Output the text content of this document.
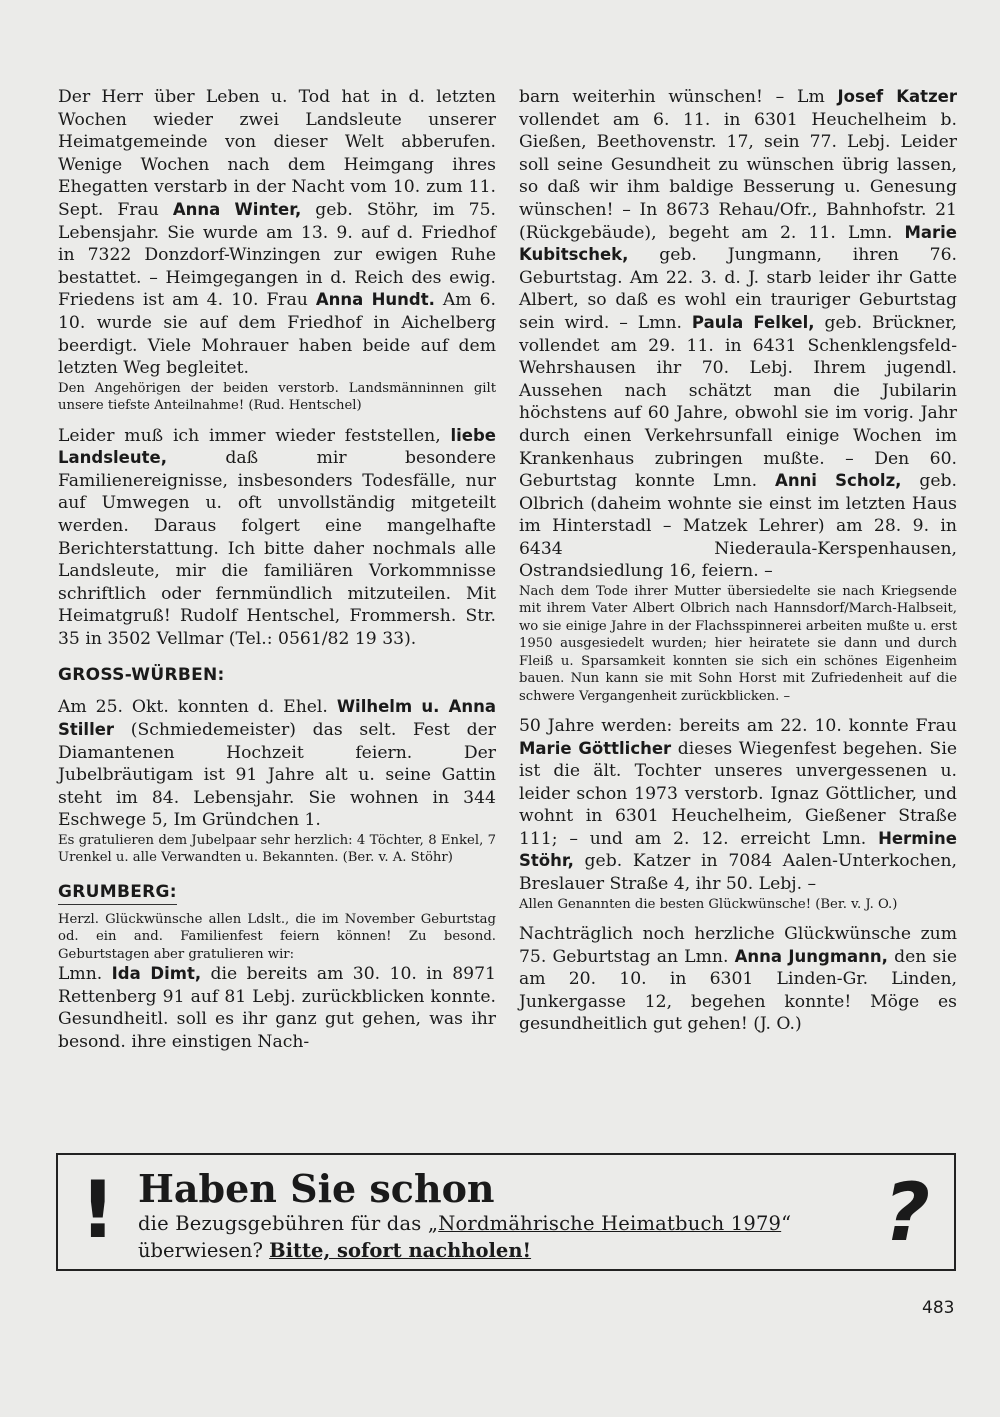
Der Herr über Leben u. Tod hat in d. letzten Wochen wieder zwei Landsleute unserer Heimatgemeinde von dieser Welt abberufen. Wenige Wochen nach dem Heimgang ihres Ehegatten verstarb in der Nacht vom 10. zum 11. Sept. Frau Anna Winter, geb. Stöhr, im 75. Lebensjahr. Sie wurde am 13. 9. auf d. Friedhof in 7322 Donzdorf-Winzingen zur ewigen Ruhe bestattet. – Heimgegangen in d. Reich des ewig. Friedens ist am 4. 10. Frau Anna Hundt. Am 6. 10. wurde sie auf dem Friedhof in Aichelberg beerdigt. Viele Mohrauer haben beide auf dem letzten Weg begleitet.

Den Angehörigen der beiden verstorb. Landsmänninnen gilt unsere tiefste Anteilnahme! (Rud. Hentschel)

Leider muß ich immer wieder feststellen, liebe Landsleute, daß mir besondere Familienereignisse, insbesonders Todesfälle, nur auf Umwegen u. oft unvollständig mitgeteilt werden. Daraus folgert eine mangelhafte Berichterstattung. Ich bitte daher nochmals alle Landsleute, mir die familiären Vorkommnisse schriftlich oder fernmündlich mitzuteilen. Mit Heimatgruß! Rudolf Hentschel, Frommersh. Str. 35 in 3502 Vellmar (Tel.: 0561/82 19 33).

GROSS-WÜRBEN:

Am 25. Okt. konnten d. Ehel. Wilhelm u. Anna Stiller (Schmiedemeister) das selt. Fest der Diamantenen Hochzeit feiern. Der Jubelbräutigam ist 91 Jahre alt u. seine Gattin steht im 84. Lebensjahr. Sie wohnen in 344 Eschwege 5, Im Gründchen 1.

Es gratulieren dem Jubelpaar sehr herzlich: 4 Töchter, 8 Enkel, 7 Urenkel u. alle Verwandten u. Bekannten. (Ber. v. A. Stöhr)

GRUMBERG:

Herzl. Glückwünsche allen Ldslt., die im November Geburtstag od. ein and. Familienfest feiern können! Zu besond. Geburtstagen aber gratulieren wir:

Lmn. Ida Dimt, die bereits am 30. 10. in 8971 Rettenberg 91 auf 81 Lebj. zurückblicken konnte. Gesundheitl. soll es ihr ganz gut gehen, was ihr besond. ihre einstigen Nach-

barn weiterhin wünschen! – Lm Josef Katzer vollendet am 6. 11. in 6301 Heuchelheim b. Gießen, Beethovenstr. 17, sein 77. Lebj. Leider soll seine Gesundheit zu wünschen übrig lassen, so daß wir ihm baldige Besserung u. Genesung wünschen! – In 8673 Rehau/Ofr., Bahnhofstr. 21 (Rückgebäude), begeht am 2. 11. Lmn. Marie Kubitschek, geb. Jungmann, ihren 76. Geburtstag. Am 22. 3. d. J. starb leider ihr Gatte Albert, so daß es wohl ein trauriger Geburtstag sein wird. – Lmn. Paula Felkel, geb. Brückner, vollendet am 29. 11. in 6431 Schenklengsfeld-Wehrshausen ihr 70. Lebj. Ihrem jugendl. Aussehen nach schätzt man die Jubilarin höchstens auf 60 Jahre, obwohl sie im vorig. Jahr durch einen Verkehrsunfall einige Wochen im Krankenhaus zubringen mußte. – Den 60. Geburtstag konnte Lmn. Anni Scholz, geb. Olbrich (daheim wohnte sie einst im letzten Haus im Hinterstadl – Matzek Lehrer) am 28. 9. in 6434 Niederaula-Kerspenhausen, Ostrandsiedlung 16, feiern. –

Nach dem Tode ihrer Mutter übersiedelte sie nach Kriegsende mit ihrem Vater Albert Olbrich nach Hannsdorf/March-Halbseit, wo sie einige Jahre in der Flachsspinnerei arbeiten mußte u. erst 1950 ausgesiedelt wurden; hier heiratete sie dann und durch Fleiß u. Sparsamkeit konnten sie sich ein schönes Eigenheim bauen. Nun kann sie mit Sohn Horst mit Zufriedenheit auf die schwere Vergangenheit zurückblicken. –

50 Jahre werden: bereits am 22. 10. konnte Frau Marie Göttlicher dieses Wiegenfest begehen. Sie ist die ält. Tochter unseres unvergessenen u. leider schon 1973 verstorb. Ignaz Göttlicher, und wohnt in 6301 Heuchelheim, Gießener Straße 111; – und am 2. 12. erreicht Lmn. Hermine Stöhr, geb. Katzer in 7084 Aalen-Unterkochen, Breslauer Straße 4, ihr 50. Lebj. –

Allen Genannten die besten Glückwünsche! (Ber. v. J. O.)

Nachträglich noch herzliche Glückwünsche zum 75. Geburtstag an Lmn. Anna Jungmann, den sie am 20. 10. in 6301 Linden-Gr. Linden, Junkergasse 12, begehen konnte! Möge es gesundheitlich gut gehen! (J. O.)

! Haben Sie schon
die Bezugsgebühren für das „Nordmährische Heimatbuch 1979“
überwiesen? Bitte, sofort nachholen!	?
483
